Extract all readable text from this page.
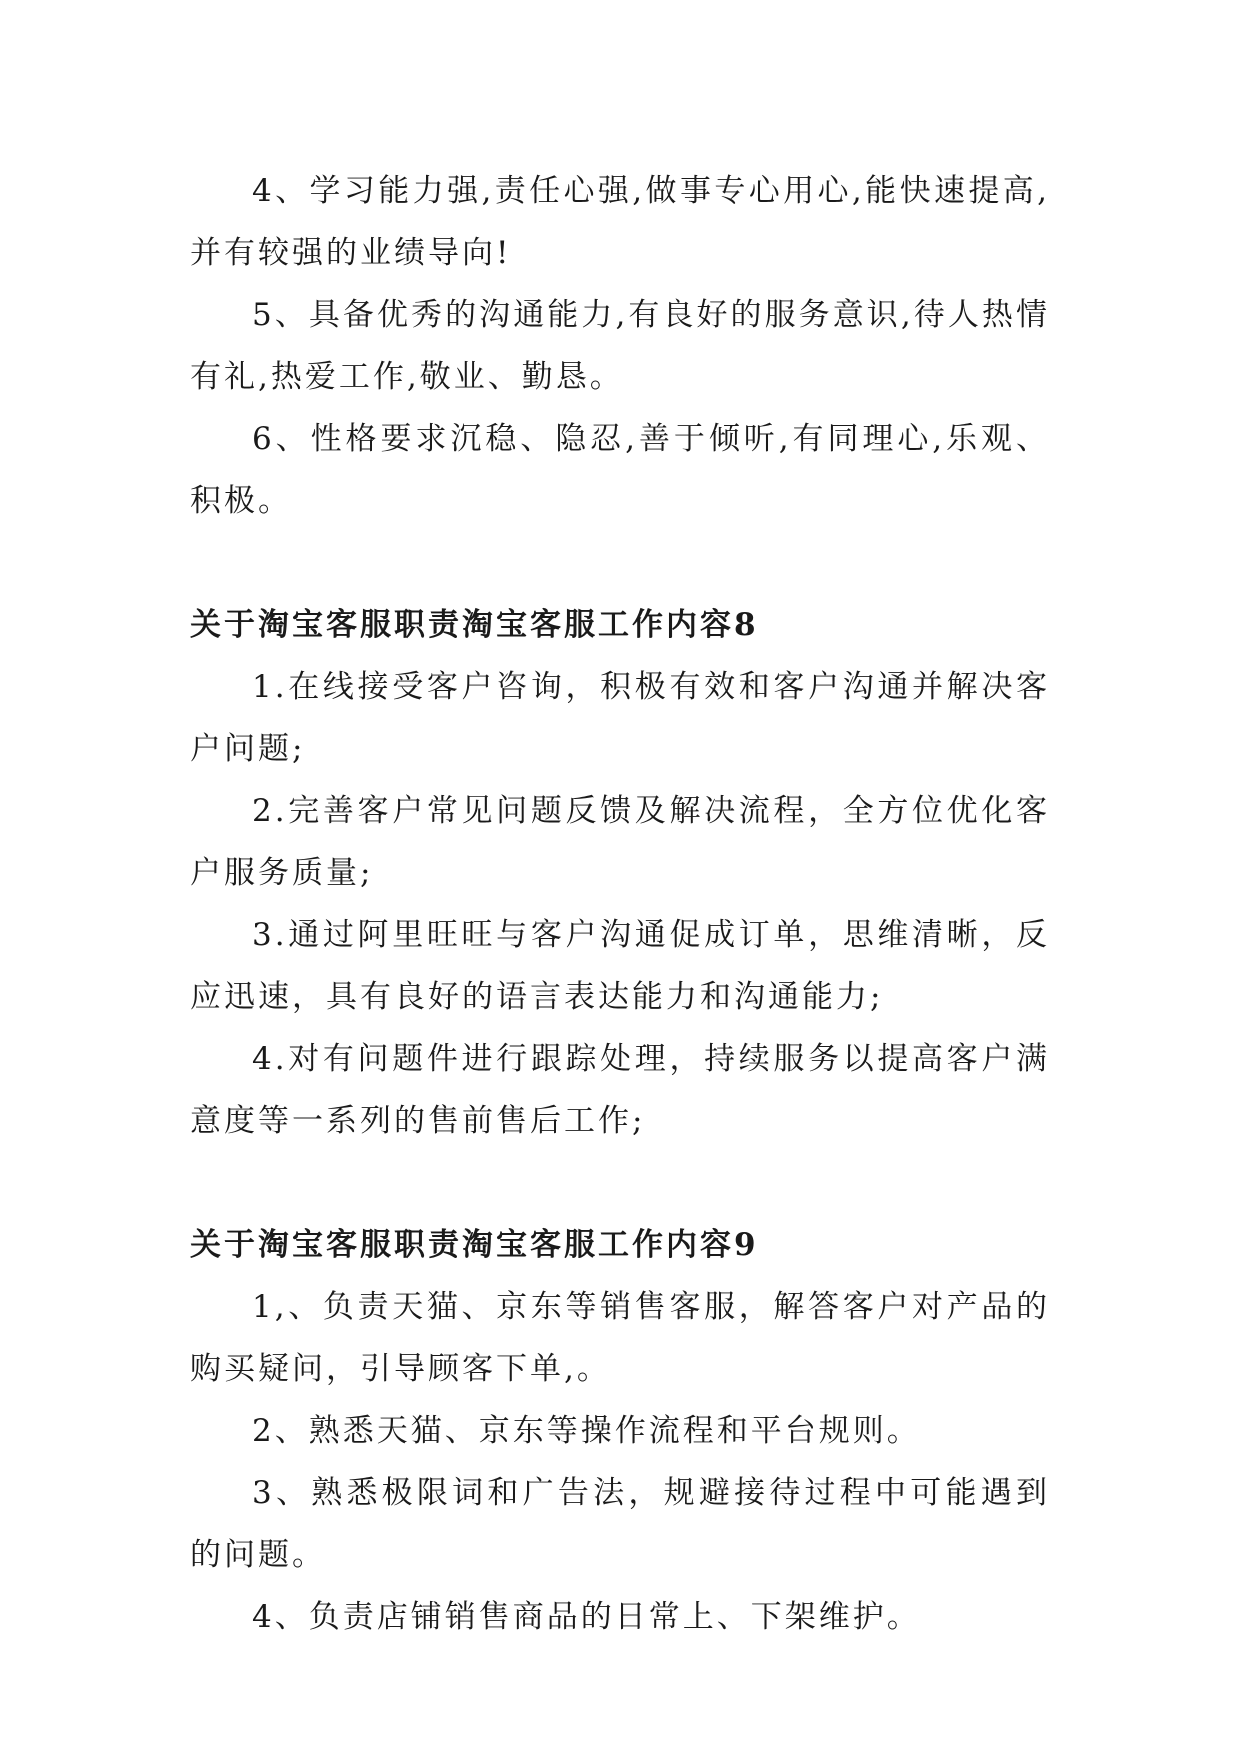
4、学习能力强,责任心强,做事专心用心,能快速提高,并有较强的业绩导向!

5、具备优秀的沟通能力,有良好的服务意识,待人热情有礼,热爱工作,敬业、勤恳。

6、性格要求沉稳、隐忍,善于倾听,有同理心,乐观、积极。

关于淘宝客服职责淘宝客服工作内容8

1.在线接受客户咨询，积极有效和客户沟通并解决客户问题;

2.完善客户常见问题反馈及解决流程，全方位优化客户服务质量;

3.通过阿里旺旺与客户沟通促成订单，思维清晰，反应迅速，具有良好的语言表达能力和沟通能力;

4.对有问题件进行跟踪处理，持续服务以提高客户满意度等一系列的售前售后工作;

关于淘宝客服职责淘宝客服工作内容9

1,、负责天猫、京东等销售客服，解答客户对产品的购买疑问，引导顾客下单,。

2、熟悉天猫、京东等操作流程和平台规则。

3、熟悉极限词和广告法，规避接待过程中可能遇到的问题。

4、负责店铺销售商品的日常上、下架维护。
